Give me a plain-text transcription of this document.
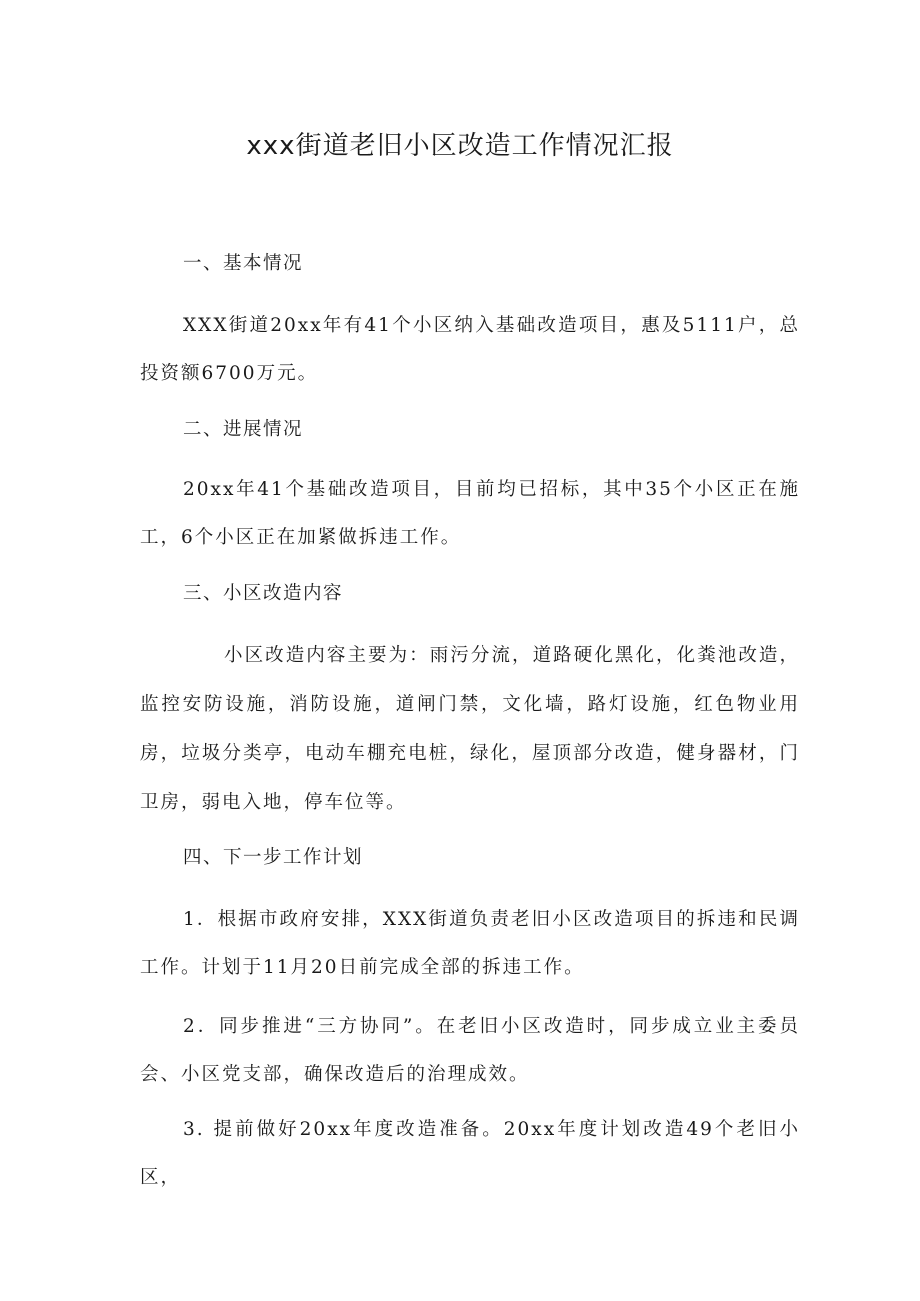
xxx街道老旧小区改造工作情况汇报
一、基本情况
XXX街道20xx年有41个小区纳入基础改造项目，惠及5111户，总投资额6700万元。
二、进展情况
20xx年41个基础改造项目，目前均已招标，其中35个小区正在施工，6个小区正在加紧做拆违工作。
三、小区改造内容
小区改造内容主要为：雨污分流，道路硬化黑化，化粪池改造，监控安防设施，消防设施，道闸门禁，文化墙，路灯设施，红色物业用房，垃圾分类亭，电动车棚充电桩，绿化，屋顶部分改造，健身器材，门卫房，弱电入地，停车位等。
四、下一步工作计划
1．根据市政府安排，XXX街道负责老旧小区改造项目的拆违和民调工作。计划于11月20日前完成全部的拆违工作。
2．同步推进“三方协同”。在老旧小区改造时，同步成立业主委员会、小区党支部，确保改造后的治理成效。
3. 提前做好20xx年度改造准备。20xx年度计划改造49个老旧小区，
